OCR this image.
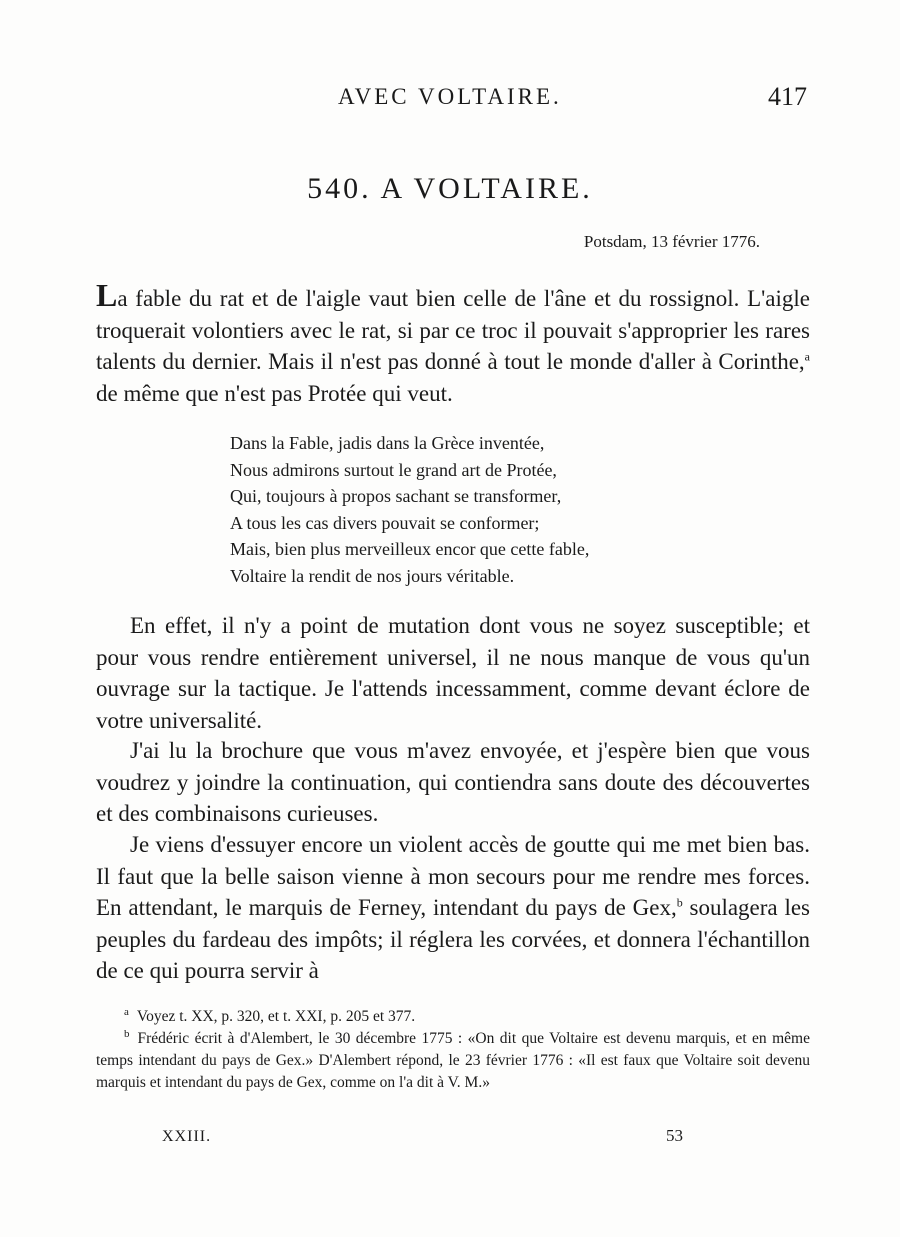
AVEC VOLTAIRE.	417
540. A VOLTAIRE.
Potsdam, 13 février 1776.

La fable du rat et de l'aigle vaut bien celle de l'âne et du rossignol. L'aigle troquerait volontiers avec le rat, si par ce troc il pouvait s'approprier les rares talents du dernier. Mais il n'est pas donné à tout le monde d'aller à Corinthe,$^a$ de même que n'est pas Protée qui veut.

Dans la Fable, jadis dans la Grèce inventée,
Nous admirons surtout le grand art de Protée,
Qui, toujours à propos sachant se transformer,
A tous les cas divers pouvait se conformer;
Mais, bien plus merveilleux encor que cette fable,
Voltaire la rendit de nos jours véritable.

En effet, il n'y a point de mutation dont vous ne soyez susceptible; et pour vous rendre entièrement universel, il ne nous manque de vous qu'un ouvrage sur la tactique. Je l'attends incessamment, comme devant éclore de votre universalité.

J'ai lu la brochure que vous m'avez envoyée, et j'espère bien que vous voudrez y joindre la continuation, qui contiendra sans doute des découvertes et des combinaisons curieuses.

Je viens d'essuyer encore un violent accès de goutte qui me met bien bas. Il faut que la belle saison vienne à mon secours pour me rendre mes forces. En attendant, le marquis de Ferney, intendant du pays de Gex,$^b$ soulagera les peuples du fardeau des impôts; il réglera les corvées, et donnera l'échantillon de ce qui pourra servir à

$^a$ Voyez t. XX, p. 320, et t. XXI, p. 205 et 377.

$^b$ Frédéric écrit à d'Alembert, le 30 décembre 1775 : «On dit que Voltaire est devenu marquis, et en même temps intendant du pays de Gex.» D'Alembert répond, le 23 février 1776 : «Il est faux que Voltaire soit devenu marquis et intendant du pays de Gex, comme on l'a dit à V. M.»

XXIII.	53
